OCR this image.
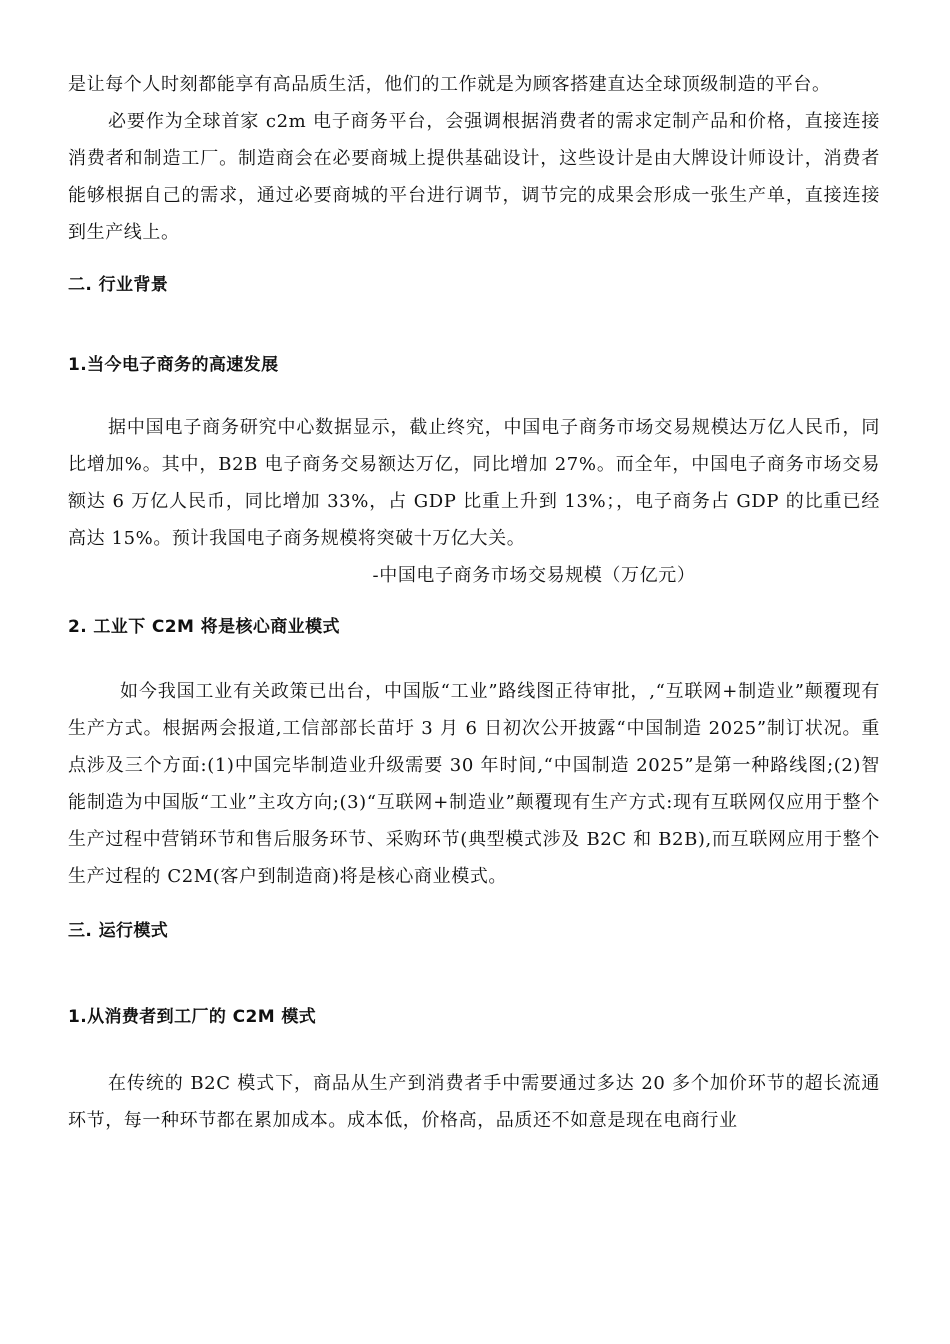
是让每个人时刻都能享有高品质生活，他们的工作就是为顾客搭建直达全球顶级制造的平台。

必要作为全球首家 c2m 电子商务平台，会强调根据消费者的需求定制产品和价格，直接连接消费者和制造工厂。制造商会在必要商城上提供基础设计，这些设计是由大牌设计师设计，消费者能够根据自己的需求，通过必要商城的平台进行调节，调节完的成果会形成一张生产单，直接连接到生产线上。

二. 行业背景
1.当今电子商务的高速发展

据中国电子商务研究中心数据显示，截止终究，中国电子商务市场交易规模达万亿人民币，同比增加%。其中，B2B 电子商务交易额达万亿，同比增加 27%。而全年，中国电子商务市场交易额达 6 万亿人民币，同比增加 33%，占 GDP 比重上升到 13%；，电子商务占 GDP 的比重已经高达 15%。预计我国电子商务规模将突破十万亿大关。

-中国电子商务市场交易规模（万亿元）

2. 工业下 C2M 将是核心商业模式

如今我国工业有关政策已出台，中国版“工业”路线图正待审批，,“互联网+制造业”颠覆现有生产方式。根据两会报道,工信部部长苗圩 3 月 6 日初次公开披露“中国制造 2025”制订状况。重点涉及三个方面:(1)中国完毕制造业升级需要 30 年时间,“中国制造 2025”是第一种路线图;(2)智能制造为中国版“工业”主攻方向;(3)“互联网+制造业”颠覆现有生产方式:现有互联网仅应用于整个生产过程中营销环节和售后服务环节、采购环节(典型模式涉及 B2C 和 B2B),而互联网应用于整个生产过程的 C2M(客户到制造商)将是核心商业模式。

三. 运行模式
1.从消费者到工厂的 C2M 模式

在传统的 B2C 模式下，商品从生产到消费者手中需要通过多达 20 多个加价环节的超长流通环节，每一种环节都在累加成本。成本低，价格高，品质还不如意是现在电商行业
